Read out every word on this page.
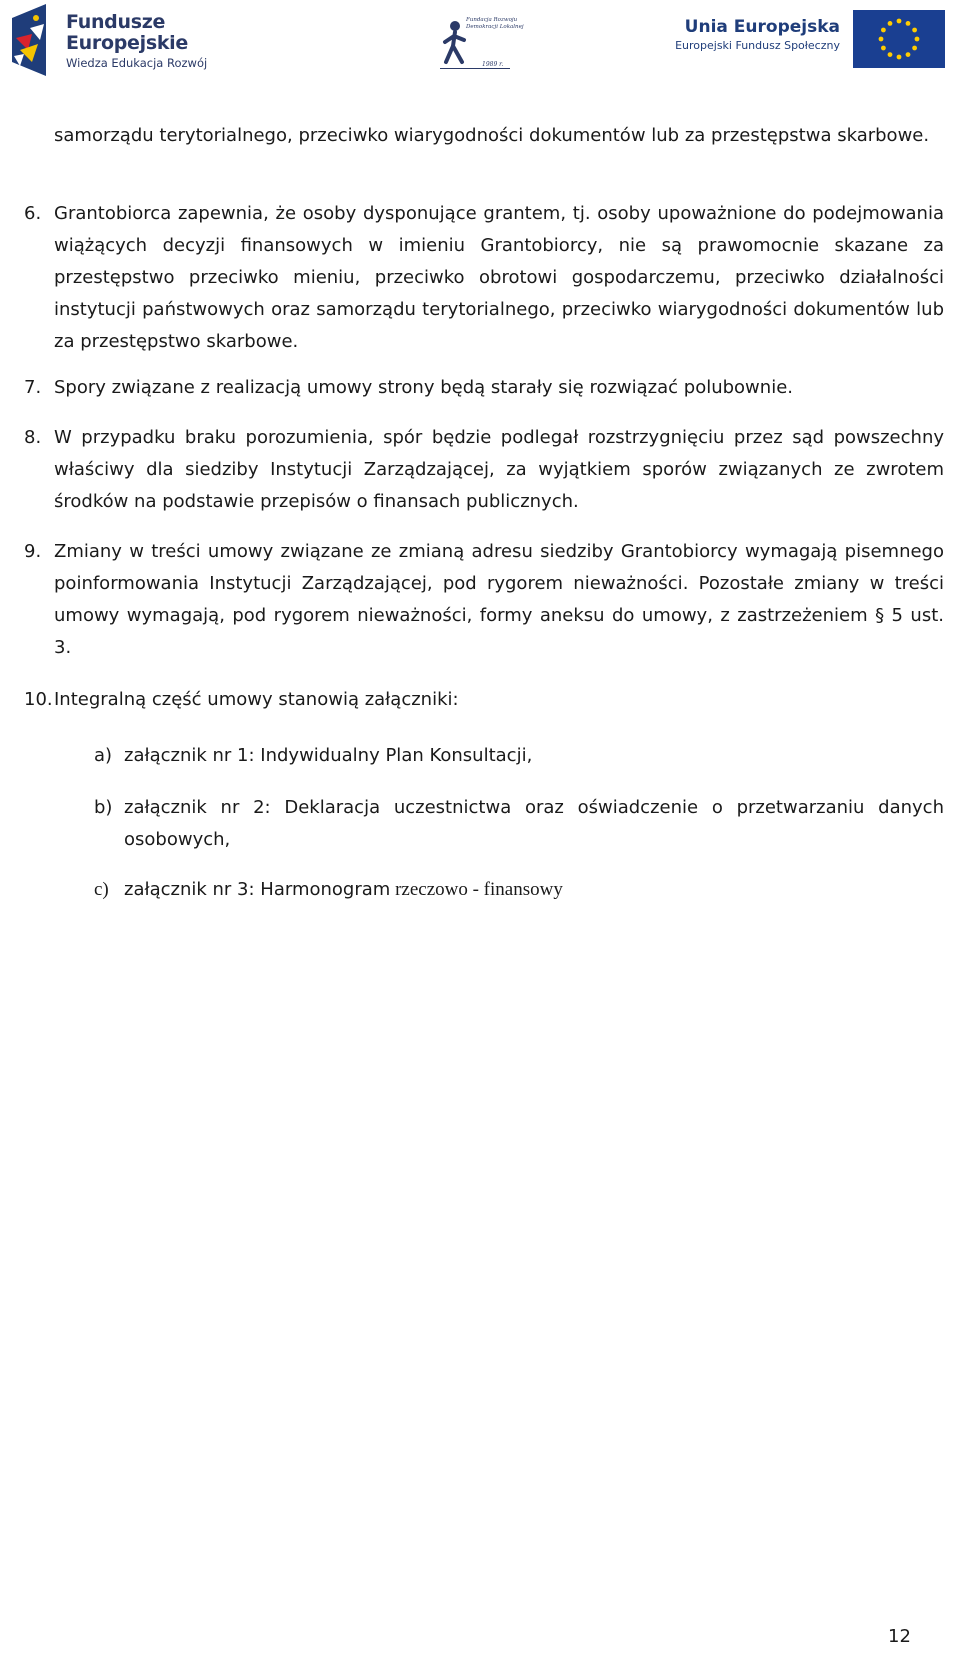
Fundusze
Europejskie
Wiedza Edukacja Rozwój
Fundacja Rozwoju
Demokracji Lokalnej
1989 r.
Unia Europejska
Europejski Fundusz Społeczny
samorządu terytorialnego, przeciwko wiarygodności dokumentów lub za przestępstwa skarbowe.
6. Grantobiorca zapewnia, że osoby dysponujące grantem, tj. osoby upoważnione do podejmowania wiążących decyzji finansowych w imieniu Grantobiorcy, nie są prawomocnie skazane za przestępstwo przeciwko mieniu, przeciwko obrotowi gospodarczemu, przeciwko działalności instytucji państwowych oraz samorządu terytorialnego, przeciwko wiarygodności dokumentów lub za przestępstwo skarbowe.
7. Spory związane z realizacją umowy strony będą starały się rozwiązać polubownie.
8. W przypadku braku porozumienia, spór będzie podlegał rozstrzygnięciu przez sąd powszechny właściwy dla siedziby Instytucji Zarządzającej, za wyjątkiem sporów związanych ze zwrotem środków na podstawie przepisów o finansach publicznych.
9. Zmiany w treści umowy związane ze zmianą adresu siedziby Grantobiorcy wymagają pisemnego poinformowania Instytucji Zarządzającej, pod rygorem nieważności. Pozostałe zmiany w treści umowy wymagają, pod rygorem nieważności, formy aneksu do umowy, z zastrzeżeniem § 5 ust. 3.
10. Integralną część umowy stanowią załączniki:
a) załącznik nr 1: Indywidualny Plan Konsultacji,
b) załącznik nr 2: Deklaracja uczestnictwa oraz oświadczenie o przetwarzaniu danych osobowych,
c) załącznik nr 3: Harmonogram rzeczowo - finansowy
12
